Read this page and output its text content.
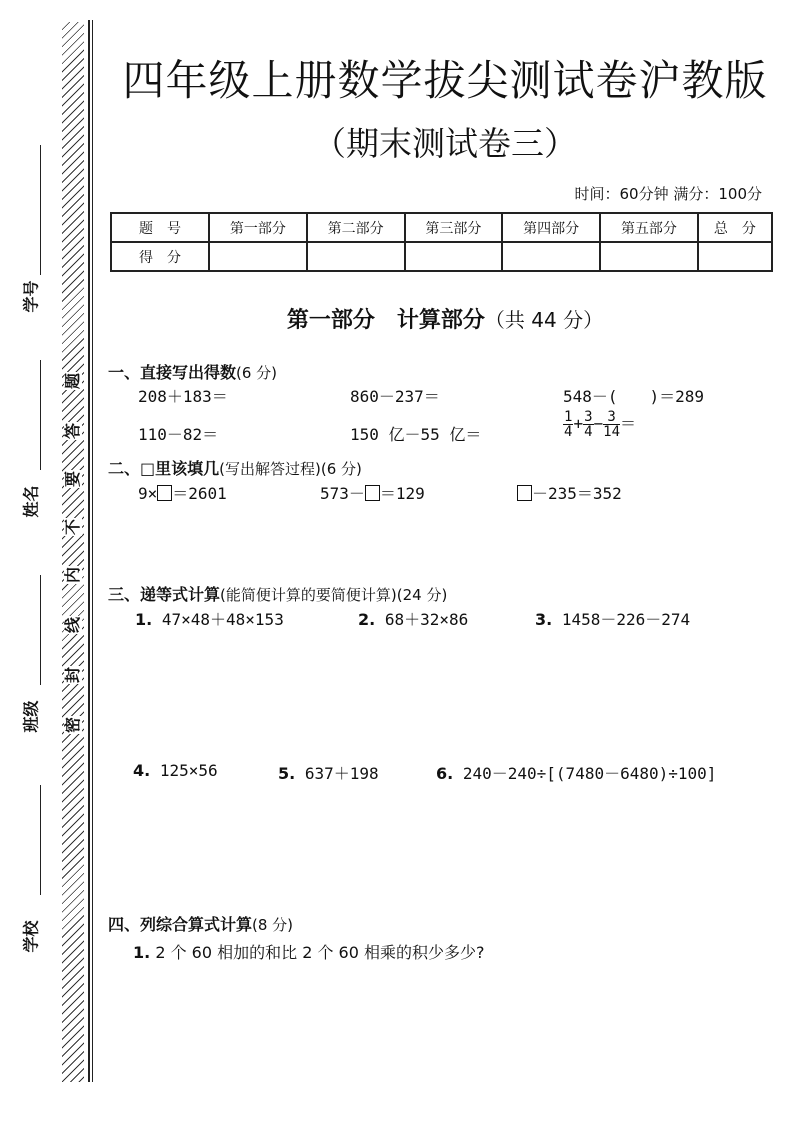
题
答
要
不
内
线
封
密
学号
姓名
班级
学校
四年级上册数学拔尖测试卷沪教版
（期末测试卷三）
时间：60分钟 满分：100分
题　号	第一部分	第二部分	第三部分	第四部分	第五部分	总　分
得　分						
第一部分　计算部分（共 44 分）
一、直接写出得数(6 分)
208＋183＝	860－237＝	548－(　　)＝289
110－82＝	150 亿－55 亿＝	$\frac{1}{4} + \frac{3}{4} - \frac{3}{14}$ ＝
二、□里该填几(写出解答过程)(6 分)
9× ＝2601	573－ ＝129	－235＝352
三、递等式计算(能简便计算的要简便计算)(24 分)
1. 47×48＋48×153	2. 68＋32×86	3. 1458－226－274
4. 125×56	5. 637＋198	6. 240－240÷[(7480－6480)÷100]
四、列综合算式计算(8 分)
1. 2 个 60 相加的和比 2 个 60 相乘的积少多少?
